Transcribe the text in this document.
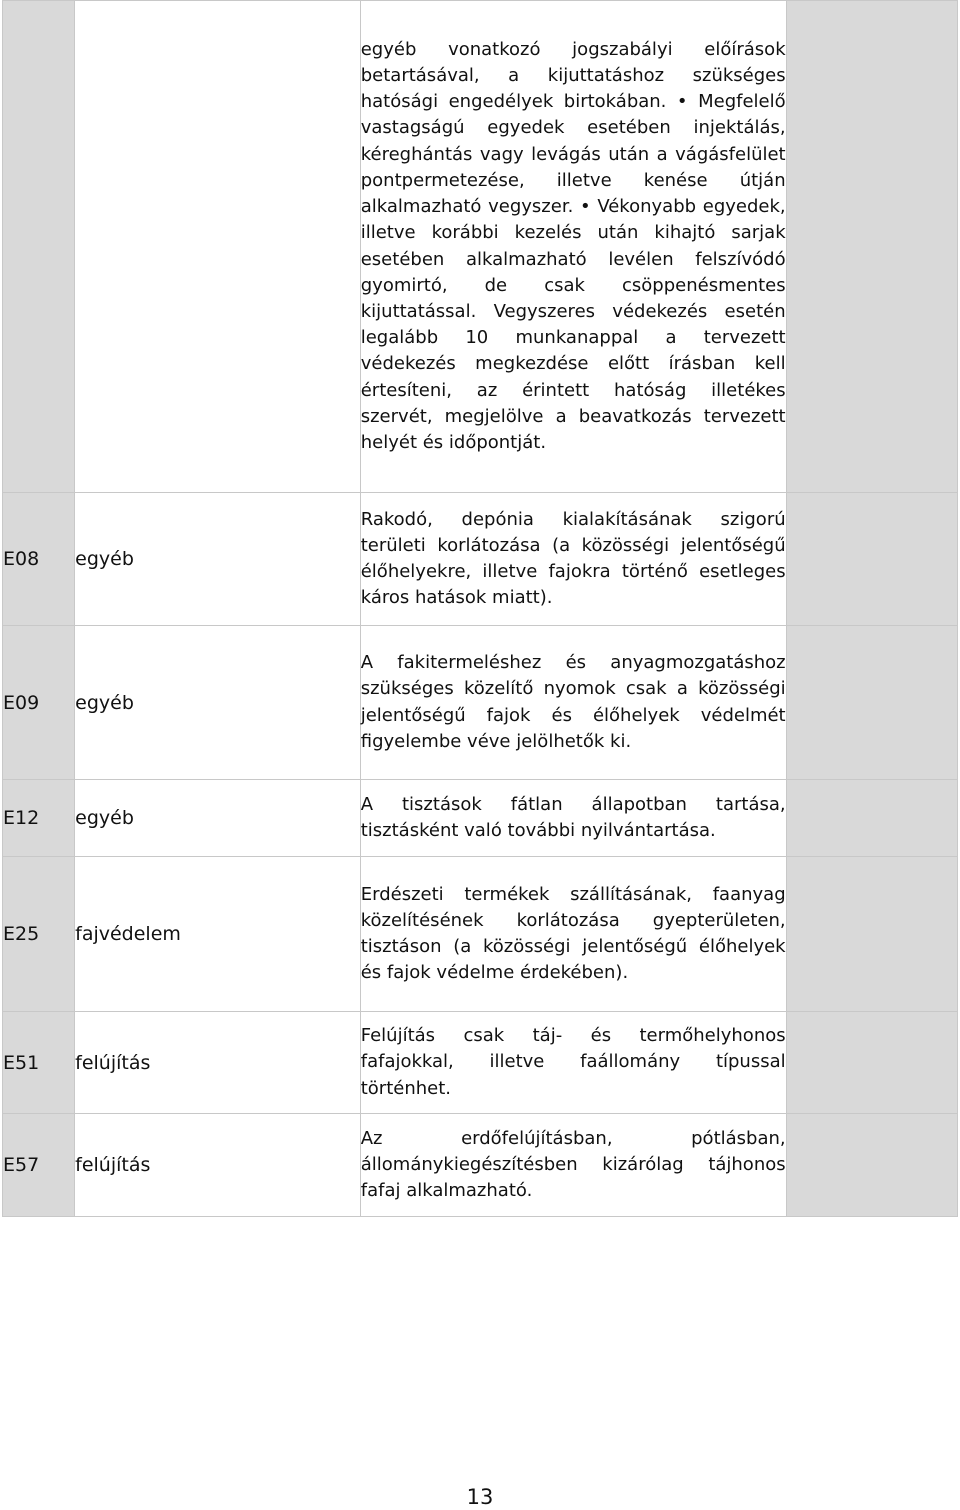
		egyéb vonatkozó jogszabályi előírások betartásával, a kijuttatáshoz szükséges hatósági engedélyek birtokában. • Megfelelő vastagságú egyedek esetében injektálás, kéreghántás vagy levágás után a vágásfelület pontpermetezése, illetve kenése útján alkalmazható vegyszer. • Vékonyabb egyedek, illetve korábbi kezelés után kihajtó sarjak esetében alkalmazható levélen felszívódó gyomirtó, de csak csöppenésmentes kijuttatással. Vegyszeres védekezés esetén legalább 10 munkanappal a tervezett védekezés megkezdése előtt írásban kell értesíteni, az érintett hatóság illetékes szervét, megjelölve a beavatkozás tervezett helyét és időpontját.	

E08	egyéb	Rakodó, depónia kialakításának szigorú területi korlátozása (a közösségi jelentőségű élőhelyekre, illetve fajokra történő esetleges káros hatások miatt).	

E09	egyéb	A fakitermeléshez és anyagmozgatáshoz szükséges közelítő nyomok csak a közösségi jelentőségű fajok és élőhelyek védelmét figyelembe véve jelölhetők ki.	

E12	egyéb	A tisztások fátlan állapotban tartása, tisztásként való további nyilvántartása.	

E25	fajvédelem	Erdészeti termékek szállításának, faanyag közelítésének korlátozása gyepterületen, tisztáson (a közösségi jelentőségű élőhelyek és fajok védelme érdekében).	

E51	felújítás	Felújítás csak táj- és termőhelyhonos fafajokkal, illetve faállomány típussal történhet.	

E57	felújítás	Az erdőfelújításban, pótlásban, állománykiegészítésben kizárólag tájhonos fafaj alkalmazható.	

13
